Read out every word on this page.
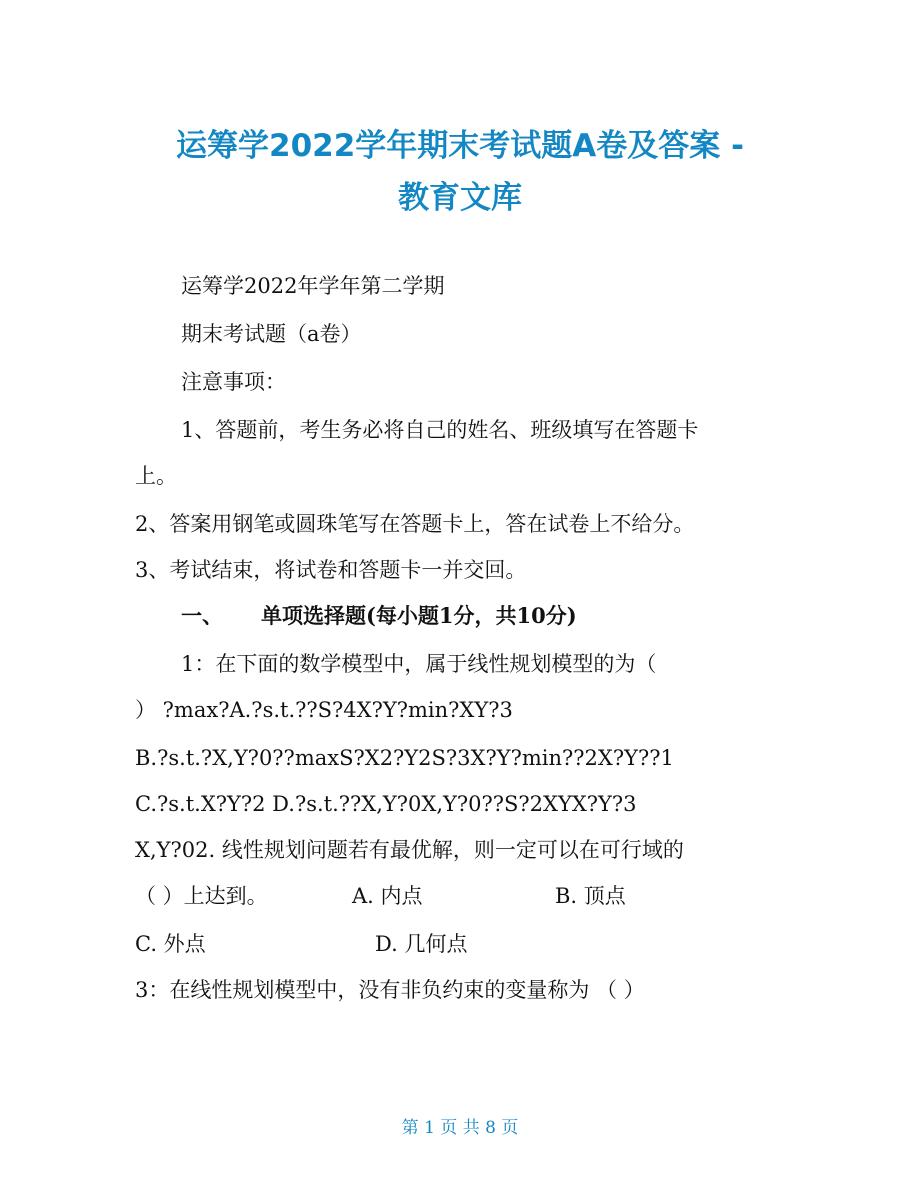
运筹学2022学年期末考试题A卷及答案 -
教育文库
运筹学2022年学年第二学期
期末考试题（a卷）
注意事项：
1、答题前，考生务必将自己的姓名、班级填写在答题卡
上。
2、答案用钢笔或圆珠笔写在答题卡上，答在试卷上不给分。
3、考试结束，将试卷和答题卡一并交回。
一、 单项选择题(每小题1分，共10分)
1：在下面的数学模型中，属于线性规划模型的为（
） ?max?A.?s.t.??S?4X?Y?min?XY?3
B.?s.t.?X,Y?0??maxS?X2?Y2S?3X?Y?min??2X?Y??1
C.?s.t.X?Y?2 D.?s.t.??X,Y?0X,Y?0??S?2XYX?Y?3
X,Y?02. 线性规划问题若有最优解，则一定可以在可行域的
（ ）上达到。	A. 内点	B. 顶点
C. 外点	D. 几何点
3：在线性规划模型中，没有非负约束的变量称为 （ ）
第 1 页 共 8 页
